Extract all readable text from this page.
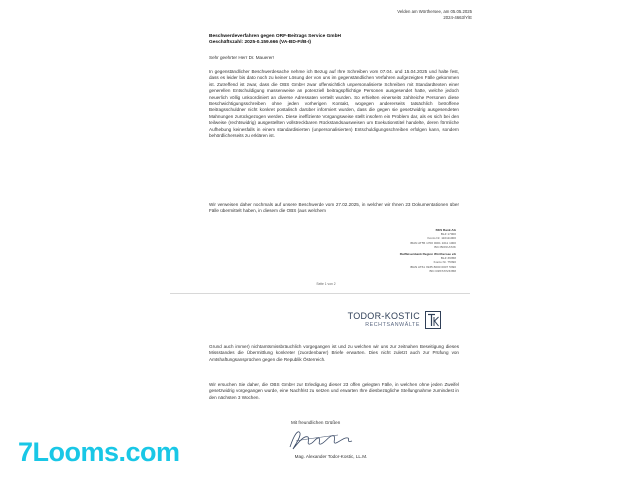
Velden am Wörthersee, am 05.05.2025

2024-4663/Y/E

Beschwerdeverfahren gegen ORF-Beitrags Service GmbH
Geschäftszahl: 2025-0.159.666 (VA-BD-FI/B-I)

Sehr geehrter Herr Dr. Mauerer!

In gegenständlicher Beschwerdesache nehme ich Bezug auf Ihre Schreiben vom 07.04. und 15.04.2025 und halte fest, dass es leider bis dato noch zu keiner Lösung der von uns im gegenständlichen Verfahren aufgezeigten Fälle gekommen ist. Zutreffend ist zwar, dass die OBS GmbH zwar offensichtlich unpersonalisierte Schreiben mit Standardtexten einer generellen Entschuldigung massenweise an potenziell beitragspflichtige Personen ausgesendet hatte, welche jedoch neuerlich völlig unkoordiniert an diverse Adressaten verteilt wurden. So erhielten einerseits zahlreiche Personen diese Beschwichtigungsschreiben ohne jeden vorherigen Kontakt, wogegen andererseits tatsächlich betroffene Beitragsschuldner nicht konkret postalisch darüber informiert wurden, dass die gegen sie gesetzwidrig ausgesendeten Mahnungen zurückgezogen werden. Diese ineffiziente Vorgangsweise stellt insofern ein Problem dar, als es sich bei den teilweise (rechtswidrig) ausgestellten vollstreckbaren Rückstandsausweisen um Exekutionstitel handelte, deren förmliche Aufhebung keinesfalls in einem standardisierten (unpersonalisierten) Entschuldigungsschreiben erfolgen kann, sondern behördlicherseits zu erklären ist.

Wir verweisen daher nochmals auf unsere Beschwerde vom 27.02.2025, in welcher wir Ihnen 23 Dokumentationen über Fälle übermittelt haben, in diesem die OBS (aus welchem

BKS Bank AG
BLZ 17000
Konto Nr. 110111000
IBAN AT55 1700 0001 1011 1000
BIC BFKKAT2K
Raiffeisenbank Region Wörthersee eG
BLZ 39358
Konto Nr. 75390
IBAN AT61 3935 8000 0007 5390
BIC RZKTAT2K358

Seite 1 von 2

TODOR-KOSTIC
RECHTSANWÄLTE

Grund auch immer) nichtamtsmissbräuchlich vorgegangen ist und zu welchen wir uns zur zeitnahen Beseitigung dieses Missstandes die Übermittlung konkreter (zuordenbarer) Briefe erwarten. Dies nicht zuletzt auch zur Prüfung von Amtshaftungsansprüchen gegen die Republik Österreich.

Wir ersuchen Sie daher, die OBS GmbH zur Erledigung dieser 23 offen gelegten Fälle, in welchen ohne jeden Zweifel gesetzwidrig vorgegangen wurde, eine Nachfrist zu setzen und erwarten Ihre diesbezügliche Stellungnahme zumindest in den nächsten 3 Wochen.

Mit freundlichen Grüßen

Mag. Alexander Todor-Kostic, LL.M.

7Looms.com
